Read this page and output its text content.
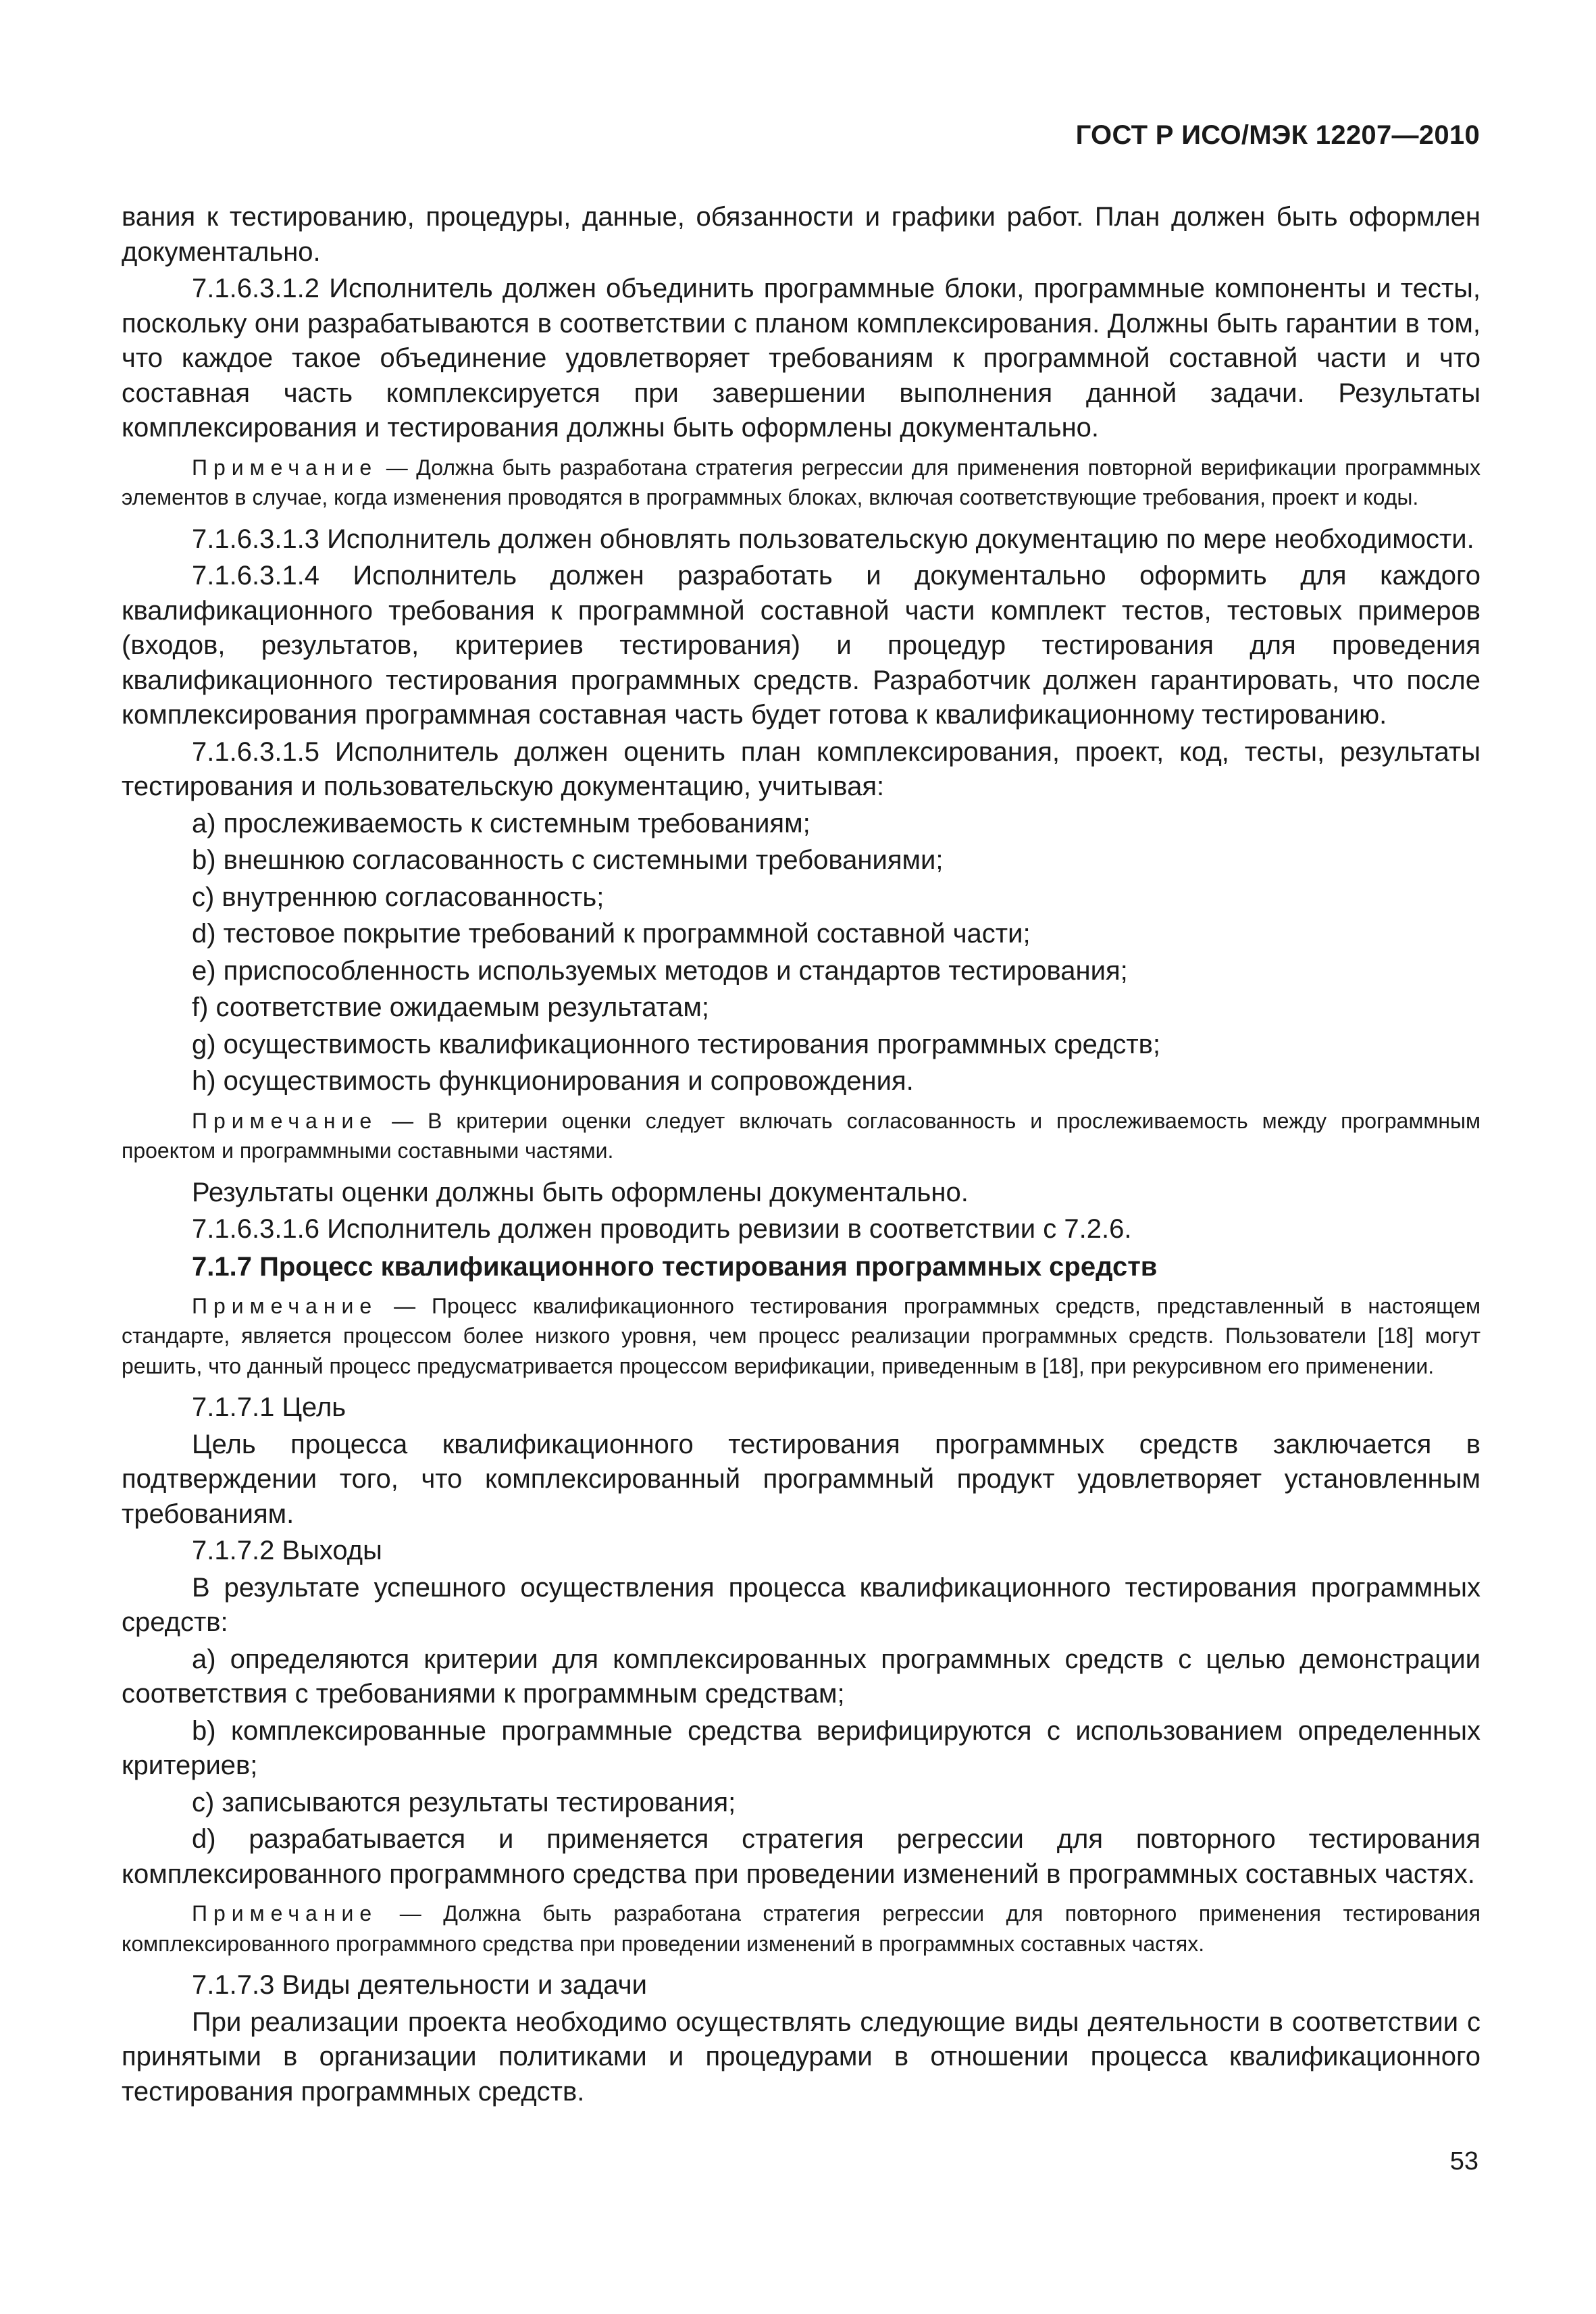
ГОСТ Р ИСО/МЭК 12207—2010
вания к тестированию, процедуры, данные, обязанности и графики работ. План должен быть оформлен документально.
7.1.6.3.1.2 Исполнитель должен объединить программные блоки, программные компоненты и тесты, поскольку они разрабатываются в соответствии с планом комплексирования. Должны быть гарантии в том, что каждое такое объединение удовлетворяет требованиям к программной составной части и что составная часть комплексируется при завершении выполнения данной задачи. Результаты комплексирования и тестирования должны быть оформлены документально.
Примечание — Должна быть разработана стратегия регрессии для применения повторной верификации программных элементов в случае, когда изменения проводятся в программных блоках, включая соответствующие требования, проект и коды.
7.1.6.3.1.3 Исполнитель должен обновлять пользовательскую документацию по мере необходимости.
7.1.6.3.1.4 Исполнитель должен разработать и документально оформить для каждого квалификационного требования к программной составной части комплект тестов, тестовых примеров (входов, результатов, критериев тестирования) и процедур тестирования для проведения квалификационного тестирования программных средств. Разработчик должен гарантировать, что после комплексирования программная составная часть будет готова к квалификационному тестированию.
7.1.6.3.1.5 Исполнитель должен оценить план комплексирования, проект, код, тесты, результаты тестирования и пользовательскую документацию, учитывая:
a) прослеживаемость к системным требованиям;
b) внешнюю согласованность с системными требованиями;
c) внутреннюю согласованность;
d) тестовое покрытие требований к программной составной части;
e) приспособленность используемых методов и стандартов тестирования;
f) соответствие ожидаемым результатам;
g) осуществимость квалификационного тестирования программных средств;
h) осуществимость функционирования и сопровождения.
Примечание — В критерии оценки следует включать согласованность и прослеживаемость между программным проектом и программными составными частями.
Результаты оценки должны быть оформлены документально.
7.1.6.3.1.6 Исполнитель должен проводить ревизии в соответствии с 7.2.6.
7.1.7 Процесс квалификационного тестирования программных средств
Примечание — Процесс квалификационного тестирования программных средств, представленный в настоящем стандарте, является процессом более низкого уровня, чем процесс реализации программных средств. Пользователи [18] могут решить, что данный процесс предусматривается процессом верификации, приведенным в [18], при рекурсивном его применении.
7.1.7.1 Цель
Цель процесса квалификационного тестирования программных средств заключается в подтверждении того, что комплексированный программный продукт удовлетворяет установленным требованиям.
7.1.7.2 Выходы
В результате успешного осуществления процесса квалификационного тестирования программных средств:
a) определяются критерии для комплексированных программных средств с целью демонстрации соответствия с требованиями к программным средствам;
b) комплексированные программные средства верифицируются с использованием определенных критериев;
c) записываются результаты тестирования;
d) разрабатывается и применяется стратегия регрессии для повторного тестирования комплексированного программного средства при проведении изменений в программных составных частях.
Примечание — Должна быть разработана стратегия регрессии для повторного применения тестирования комплексированного программного средства при проведении изменений в программных составных частях.
7.1.7.3 Виды деятельности и задачи
При реализации проекта необходимо осуществлять следующие виды деятельности в соответствии с принятыми в организации политиками и процедурами в отношении процесса квалификационного тестирования программных средств.
53
